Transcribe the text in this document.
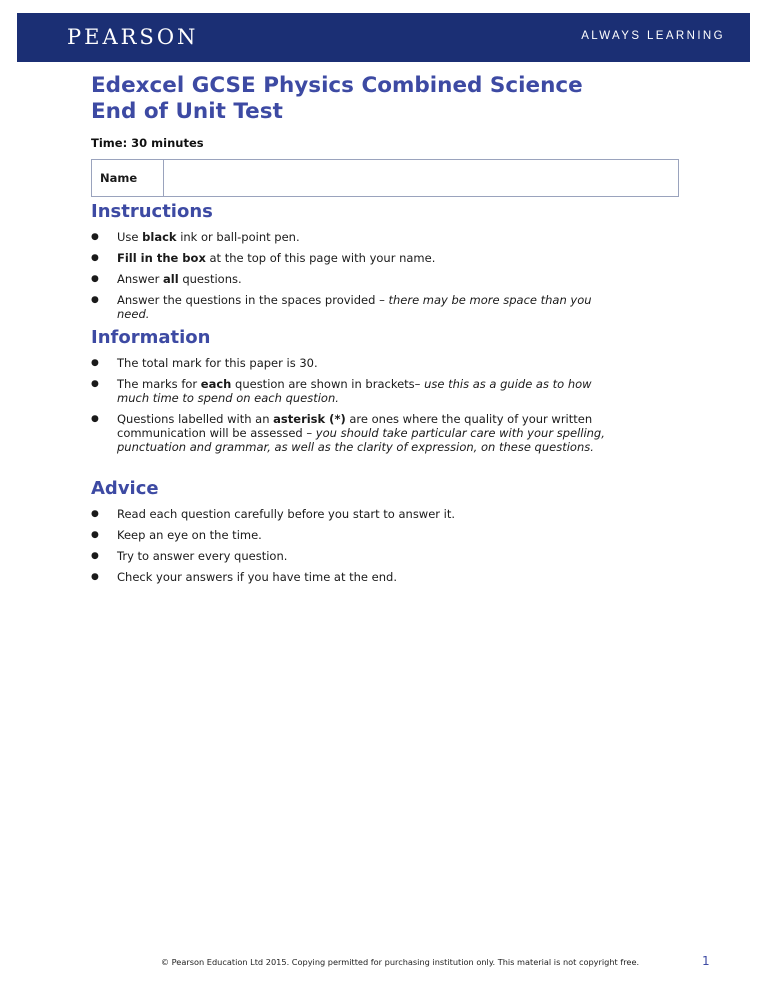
PEARSON	ALWAYS LEARNING
Edexcel GCSE Physics Combined Science
End of Unit Test
Time: 30 minutes
Name
Instructions
● Use black ink or ball-point pen.
● Fill in the box at the top of this page with your name.
● Answer all questions.
● Answer the questions in the spaces provided – there may be more space than you need.
Information
● The total mark for this paper is 30.
● The marks for each question are shown in brackets– use this as a guide as to how much time to spend on each question.
● Questions labelled with an asterisk (*) are ones where the quality of your written communication will be assessed – you should take particular care with your spelling, punctuation and grammar, as well as the clarity of expression, on these questions.
Advice
● Read each question carefully before you start to answer it.
● Keep an eye on the time.
● Try to answer every question.
● Check your answers if you have time at the end.
© Pearson Education Ltd 2015. Copying permitted for purchasing institution only. This material is not copyright free.	1
